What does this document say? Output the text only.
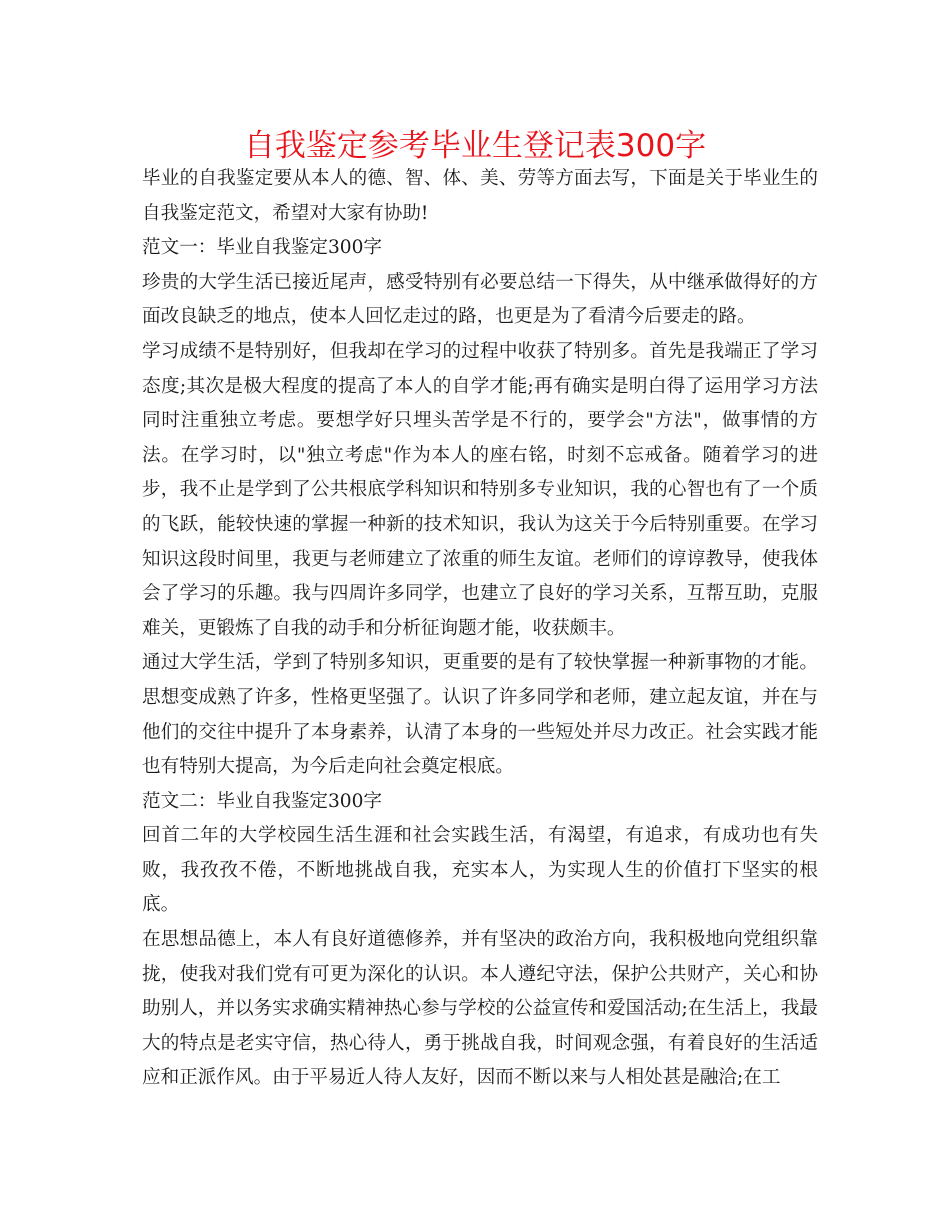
自我鉴定参考毕业生登记表300字

毕业的自我鉴定要从本人的德、智、体、美、劳等方面去写，下面是关于毕业生的自我鉴定范文，希望对大家有协助!

范文一：毕业自我鉴定300字

珍贵的大学生活已接近尾声，感受特别有必要总结一下得失，从中继承做得好的方面改良缺乏的地点，使本人回忆走过的路，也更是为了看清今后要走的路。

学习成绩不是特别好，但我却在学习的过程中收获了特别多。首先是我端正了学习态度;其次是极大程度的提高了本人的自学才能;再有确实是明白得了运用学习方法同时注重独立考虑。要想学好只埋头苦学是不行的，要学会"方法"，做事情的方法。在学习时，以"独立考虑"作为本人的座右铭，时刻不忘戒备。随着学习的进步，我不止是学到了公共根底学科知识和特别多专业知识，我的心智也有了一个质的飞跃，能较快速的掌握一种新的技术知识，我认为这关于今后特别重要。在学习知识这段时间里，我更与老师建立了浓重的师生友谊。老师们的谆谆教导，使我体会了学习的乐趣。我与四周许多同学，也建立了良好的学习关系，互帮互助，克服难关，更锻炼了自我的动手和分析征询题才能，收获颇丰。

通过大学生活，学到了特别多知识，更重要的是有了较快掌握一种新事物的才能。思想变成熟了许多，性格更坚强了。认识了许多同学和老师，建立起友谊，并在与他们的交往中提升了本身素养，认清了本身的一些短处并尽力改正。社会实践才能也有特别大提高，为今后走向社会奠定根底。

范文二：毕业自我鉴定300字

回首二年的大学校园生活生涯和社会实践生活，有渴望，有追求，有成功也有失败，我孜孜不倦，不断地挑战自我，充实本人，为实现人生的价值打下坚实的根底。

在思想品德上，本人有良好道德修养，并有坚决的政治方向，我积极地向党组织靠拢，使我对我们党有可更为深化的认识。本人遵纪守法，保护公共财产，关心和协助别人，并以务实求确实精神热心参与学校的公益宣传和爱国活动;在生活上，我最大的特点是老实守信，热心待人，勇于挑战自我，时间观念强，有着良好的生活适应和正派作风。由于平易近人待人友好，因而不断以来与人相处甚是融洽;在工
